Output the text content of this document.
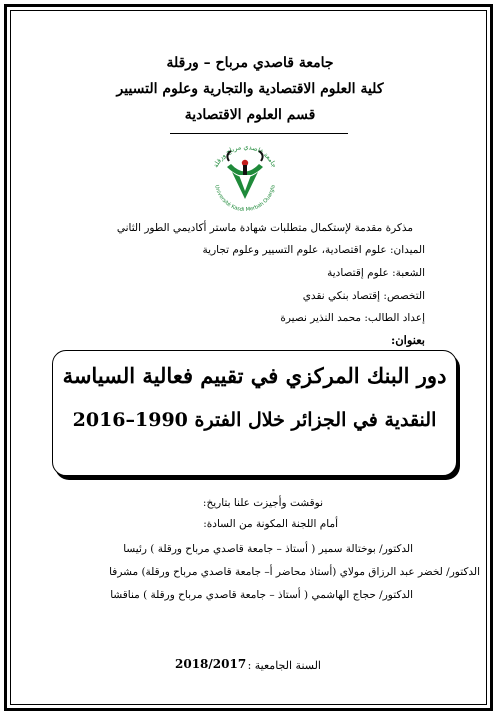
جامعة قاصدي مرباح – ورقلة
كلية العلوم الاقتصادية والتجارية وعلوم التسيير
قسم العلوم الاقتصادية
جامعة قاصدي مرباح ورقلة
Université Kasdi Merbah Ouargla
مذكرة مقدمة لإستكمال متطلبات شهادة ماستر أكاديمي الطور الثاني
الميدان: علوم اقتصادية، علوم التسيير وعلوم تجارية
الشعبة: علوم إقتصادية
التخصص: إقتصاد بنكي نقدي
إعداد الطالب: محمد النذير نصيرة
بعنوان:
دور البنك المركزي في تقييم فعالية السياسة
النقدية في الجزائر خلال الفترة 1990–2016
نوقشت وأجيزت علنا بتاريخ:
أمام اللجنة المكونة من السادة:
الدكتور/ بوختالة سمير ( أستاذ – جامعة قاصدي مرباح ورقلة ) رئيسا
الدكتور/ لخضر عبد الرزاق مولاي (أستاذ محاضر أ– جامعة قاصدي مرباح ورقلة) مشرفا
الدكتور/ حجاج الهاشمي ( أستاذ – جامعة قاصدي مرباح ورقلة ) مناقشا
السنة الجامعية :
2018/2017
